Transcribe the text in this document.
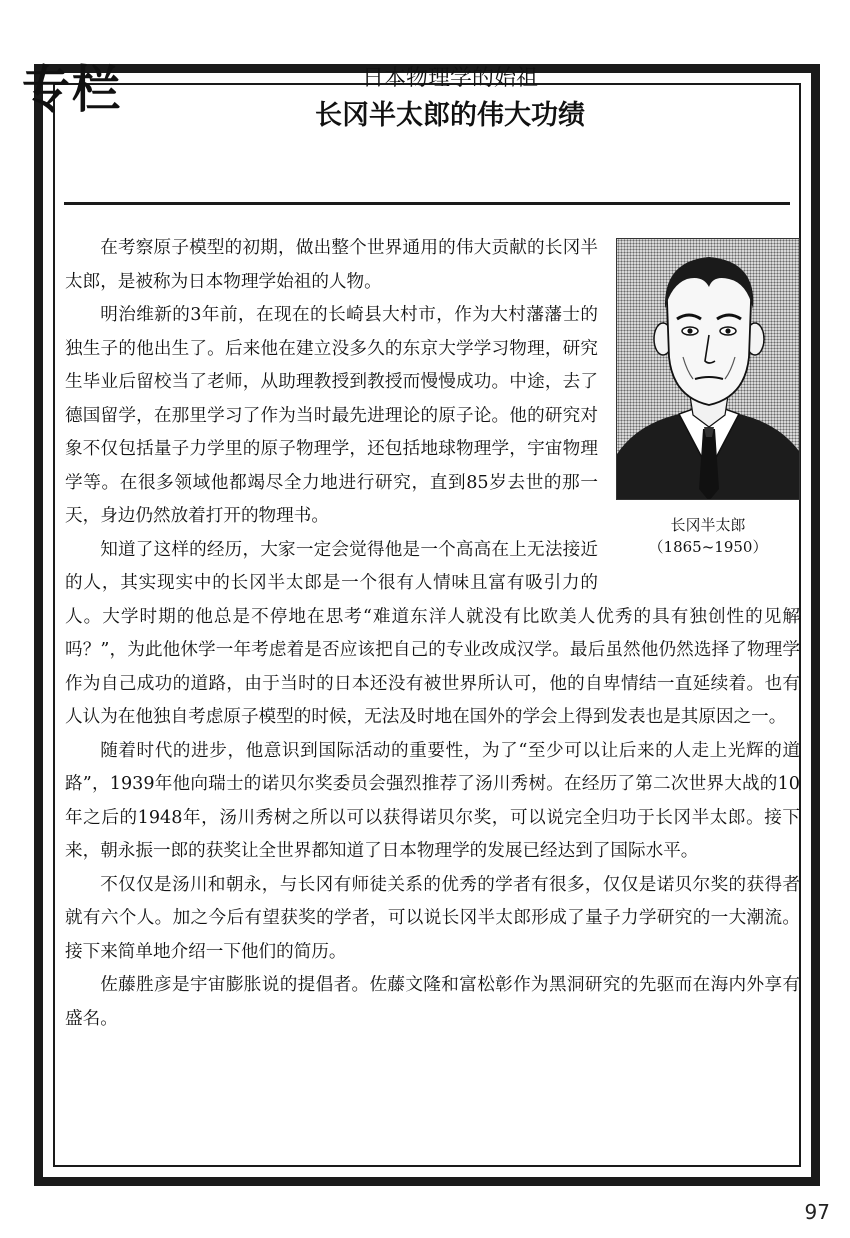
专栏	日本物理学的始祖
长冈半太郎的伟大功绩
长冈半太郎
（1865~1950）

在考察原子模型的初期，做出整个世界通用的伟大贡献的长冈半太郎，是被称为日本物理学始祖的人物。

明治维新的3年前，在现在的长崎县大村市，作为大村藩藩士的独生子的他出生了。后来他在建立没多久的东京大学学习物理，研究生毕业后留校当了老师，从助理教授到教授而慢慢成功。中途，去了德国留学，在那里学习了作为当时最先进理论的原子论。他的研究对象不仅包括量子力学里的原子物理学，还包括地球物理学，宇宙物理学等。在很多领域他都竭尽全力地进行研究，直到85岁去世的那一天，身边仍然放着打开的物理书。

知道了这样的经历，大家一定会觉得他是一个高高在上无法接近的人，其实现实中的长冈半太郎是一个很有人情味且富有吸引力的人。大学时期的他总是不停地在思考“难道东洋人就没有比欧美人优秀的具有独创性的见解吗？”，为此他休学一年考虑着是否应该把自己的专业改成汉学。最后虽然他仍然选择了物理学作为自己成功的道路，由于当时的日本还没有被世界所认可，他的自卑情结一直延续着。也有人认为在他独自考虑原子模型的时候，无法及时地在国外的学会上得到发表也是其原因之一。

随着时代的进步，他意识到国际活动的重要性，为了“至少可以让后来的人走上光辉的道路”，1939年他向瑞士的诺贝尔奖委员会强烈推荐了汤川秀树。在经历了第二次世界大战的10年之后的1948年，汤川秀树之所以可以获得诺贝尔奖，可以说完全归功于长冈半太郎。接下来，朝永振一郎的获奖让全世界都知道了日本物理学的发展已经达到了国际水平。

不仅仅是汤川和朝永，与长冈有师徒关系的优秀的学者有很多，仅仅是诺贝尔奖的获得者就有六个人。加之今后有望获奖的学者，可以说长冈半太郎形成了量子力学研究的一大潮流。接下来简单地介绍一下他们的简历。

佐藤胜彦是宇宙膨胀说的提倡者。佐藤文隆和富松彰作为黑洞研究的先驱而在海内外享有盛名。

97
